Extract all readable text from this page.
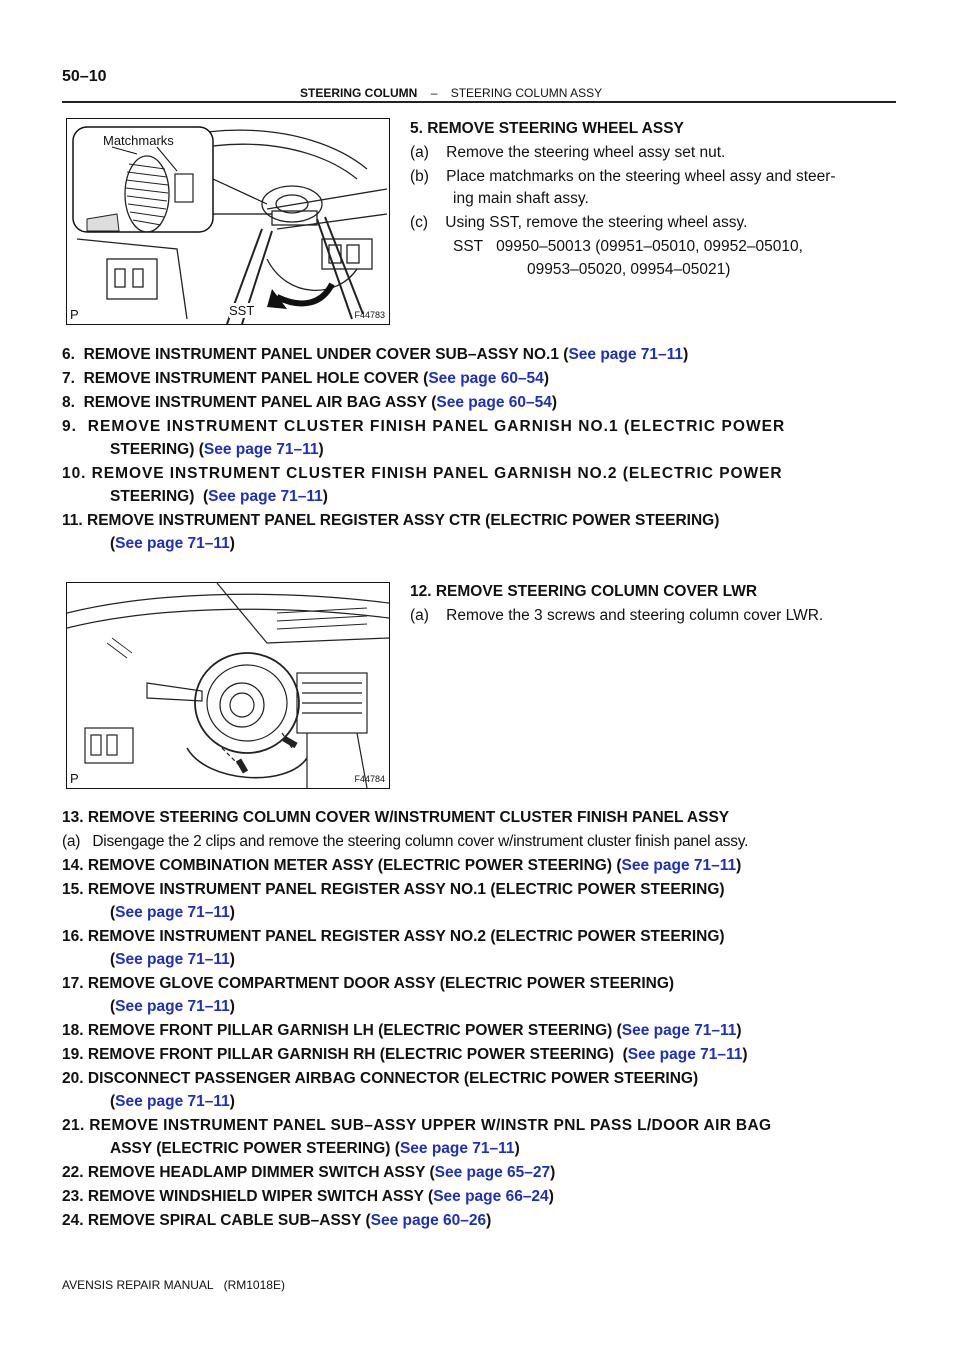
50–10
STEERING COLUMN – STEERING COLUMN ASSY
Matchmarks
SST
P	F44783
5. REMOVE STEERING WHEEL ASSY
(a)    Remove the steering wheel assy set nut.
(b)    Place matchmarks on the steering wheel assy and steer-
ing main shaft assy.
(c)    Using SST, remove the steering wheel assy.
SST   09950–50013 (09951–05010, 09952–05010,
09953–05020, 09954–05021)
6. REMOVE INSTRUMENT PANEL UNDER COVER SUB–ASSY NO.1 (See page 71–11)
7. REMOVE INSTRUMENT PANEL HOLE COVER (See page 60–54)
8. REMOVE INSTRUMENT PANEL AIR BAG ASSY (See page 60–54)
9.  REMOVE INSTRUMENT CLUSTER FINISH PANEL GARNISH NO.1 (ELECTRIC POWER
STEERING) (See page 71–11)
10. REMOVE INSTRUMENT CLUSTER FINISH PANEL GARNISH NO.2 (ELECTRIC POWER
STEERING)  (See page 71–11)
11. REMOVE INSTRUMENT PANEL REGISTER ASSY CTR (ELECTRIC POWER STEERING)
(See page 71–11)
P	F44784
12. REMOVE STEERING COLUMN COVER LWR
(a)    Remove the 3 screws and steering column cover LWR.
13. REMOVE STEERING COLUMN COVER W/INSTRUMENT CLUSTER FINISH PANEL ASSY
(a)   Disengage the 2 clips and remove the steering column cover w/instrument cluster finish panel assy.
14. REMOVE COMBINATION METER ASSY (ELECTRIC POWER STEERING) (See page 71–11)
15. REMOVE INSTRUMENT PANEL REGISTER ASSY NO.1 (ELECTRIC POWER STEERING)
(See page 71–11)
16. REMOVE INSTRUMENT PANEL REGISTER ASSY NO.2 (ELECTRIC POWER STEERING)
(See page 71–11)
17. REMOVE GLOVE COMPARTMENT DOOR ASSY (ELECTRIC POWER STEERING)
(See page 71–11)
18. REMOVE FRONT PILLAR GARNISH LH (ELECTRIC POWER STEERING) (See page 71–11)
19. REMOVE FRONT PILLAR GARNISH RH (ELECTRIC POWER STEERING)  (See page 71–11)
20. DISCONNECT PASSENGER AIRBAG CONNECTOR (ELECTRIC POWER STEERING)
(See page 71–11)
21. REMOVE INSTRUMENT PANEL SUB–ASSY UPPER W/INSTR PNL PASS L/DOOR AIR BAG
ASSY (ELECTRIC POWER STEERING) (See page 71–11)
22. REMOVE HEADLAMP DIMMER SWITCH ASSY (See page 65–27)
23. REMOVE WINDSHIELD WIPER SWITCH ASSY (See page 66–24)
24. REMOVE SPIRAL CABLE SUB–ASSY (See page 60–26)
AVENSIS REPAIR MANUAL   (RM1018E)
